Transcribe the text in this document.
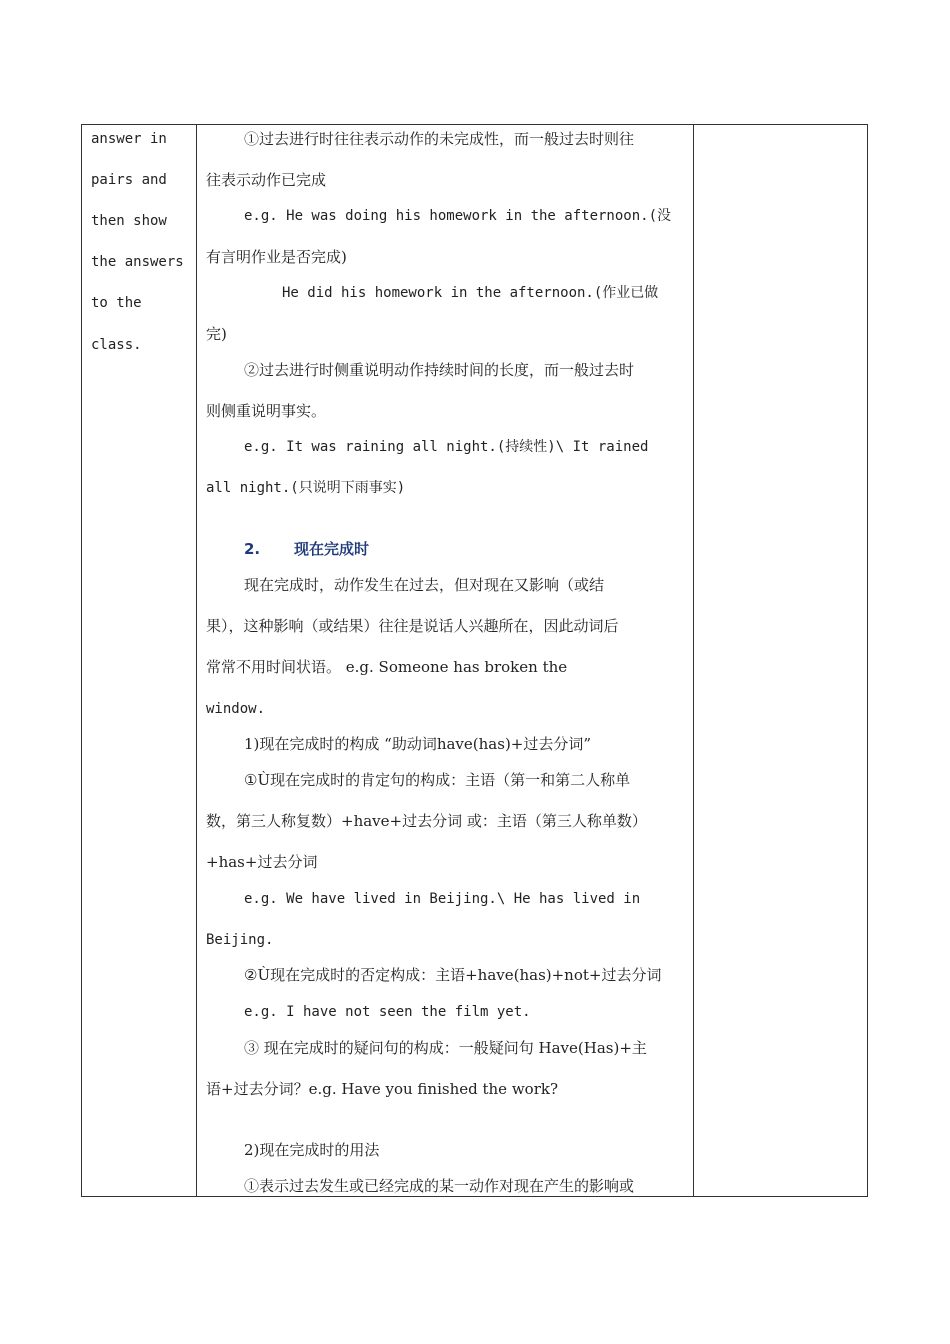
answer in
pairs and
then show
the answers
to the
class.
①过去进行时往往表示动作的未完成性，而一般过去时则往
往表示动作已完成
e.g. He was doing his homework in the afternoon.(没
有言明作业是否完成)
He did his homework in the afternoon.(作业已做
完)
②过去进行时侧重说明动作持续时间的长度，而一般过去时
则侧重说明事实。
e.g. It was raining all night.(持续性)\ It rained
all night.(只说明下雨事实)
2. 现在完成时
现在完成时，动作发生在过去，但对现在又影响（或结
果），这种影响（或结果）往往是说话人兴趣所在，因此动词后
常常不用时间状语。 e.g. Someone has broken the
window.
1)现在完成时的构成 “助动词have(has)+过去分词”
①Ù现在完成时的肯定句的构成：主语（第一和第二人称单
数，第三人称复数）+have+过去分词 或：主语（第三人称单数）
+has+过去分词
e.g. We have lived in Beijing.\ He has lived in
Beijing.
②Ù现在完成时的否定构成：主语+have(has)+not+过去分词
e.g. I have not seen the film yet.
③ 现在完成时的疑问句的构成：一般疑问句 Have(Has)+主
语+过去分词？e.g. Have you finished the work?
2)现在完成时的用法
①表示过去发生或已经完成的某一动作对现在产生的影响或
